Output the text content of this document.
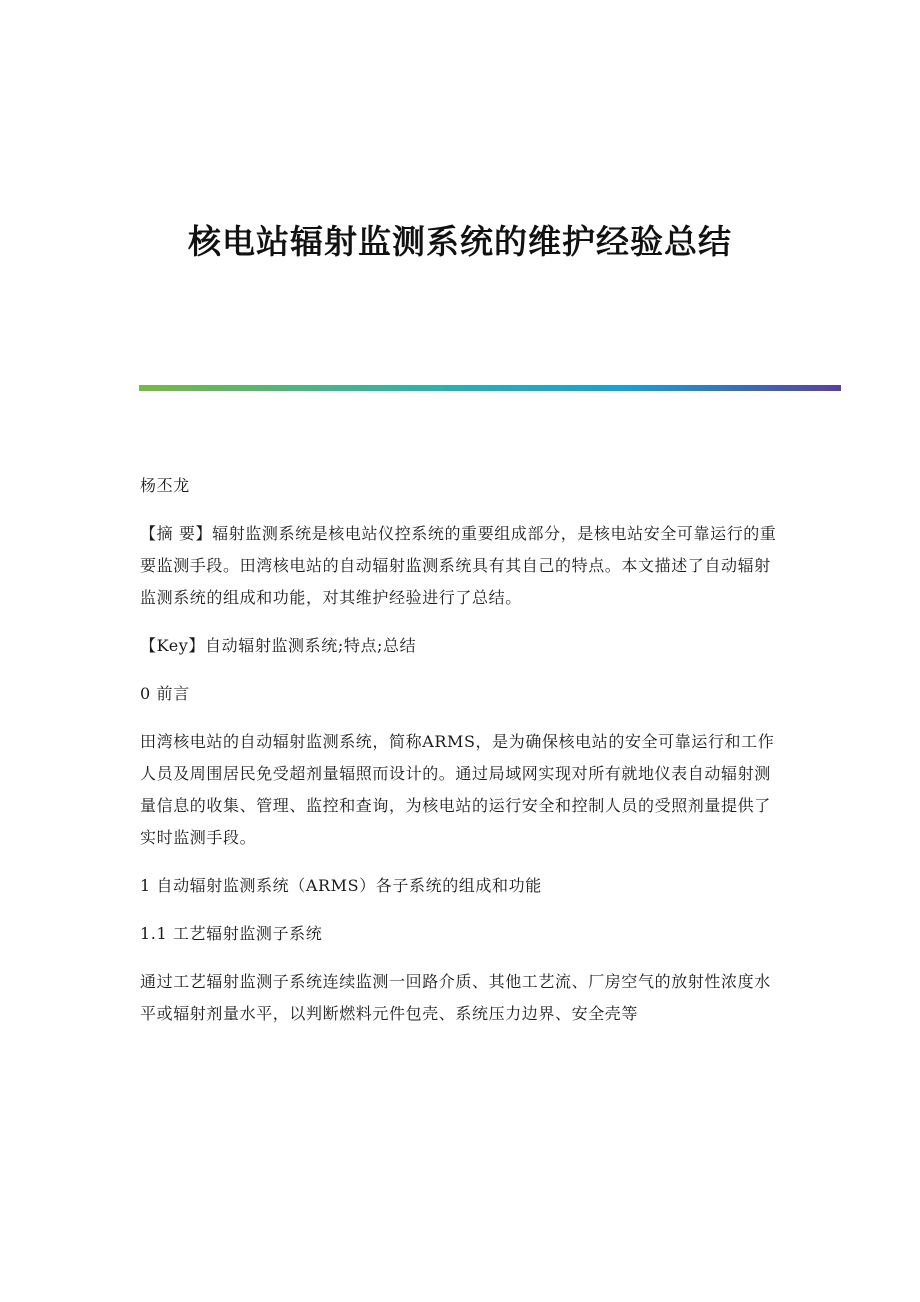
核电站辐射监测系统的维护经验总结

杨丕龙

【摘 要】辐射监测系统是核电站仪控系统的重要组成部分，是核电站安全可靠运行的重要监测手段。田湾核电站的自动辐射监测系统具有其自己的特点。本文描述了自动辐射监测系统的组成和功能，对其维护经验进行了总结。

【Key】自动辐射监测系统;特点;总结

0 前言

田湾核电站的自动辐射监测系统，简称ARMS，是为确保核电站的安全可靠运行和工作人员及周围居民免受超剂量辐照而设计的。通过局域网实现对所有就地仪表自动辐射测量信息的收集、管理、监控和查询，为核电站的运行安全和控制人员的受照剂量提供了实时监测手段。

1 自动辐射监测系统（ARMS）各子系统的组成和功能

1.1 工艺辐射监测子系统

通过工艺辐射监测子系统连续监测一回路介质、其他工艺流、厂房空气的放射性浓度水平或辐射剂量水平，以判断燃料元件包壳、系统压力边界、安全壳等
